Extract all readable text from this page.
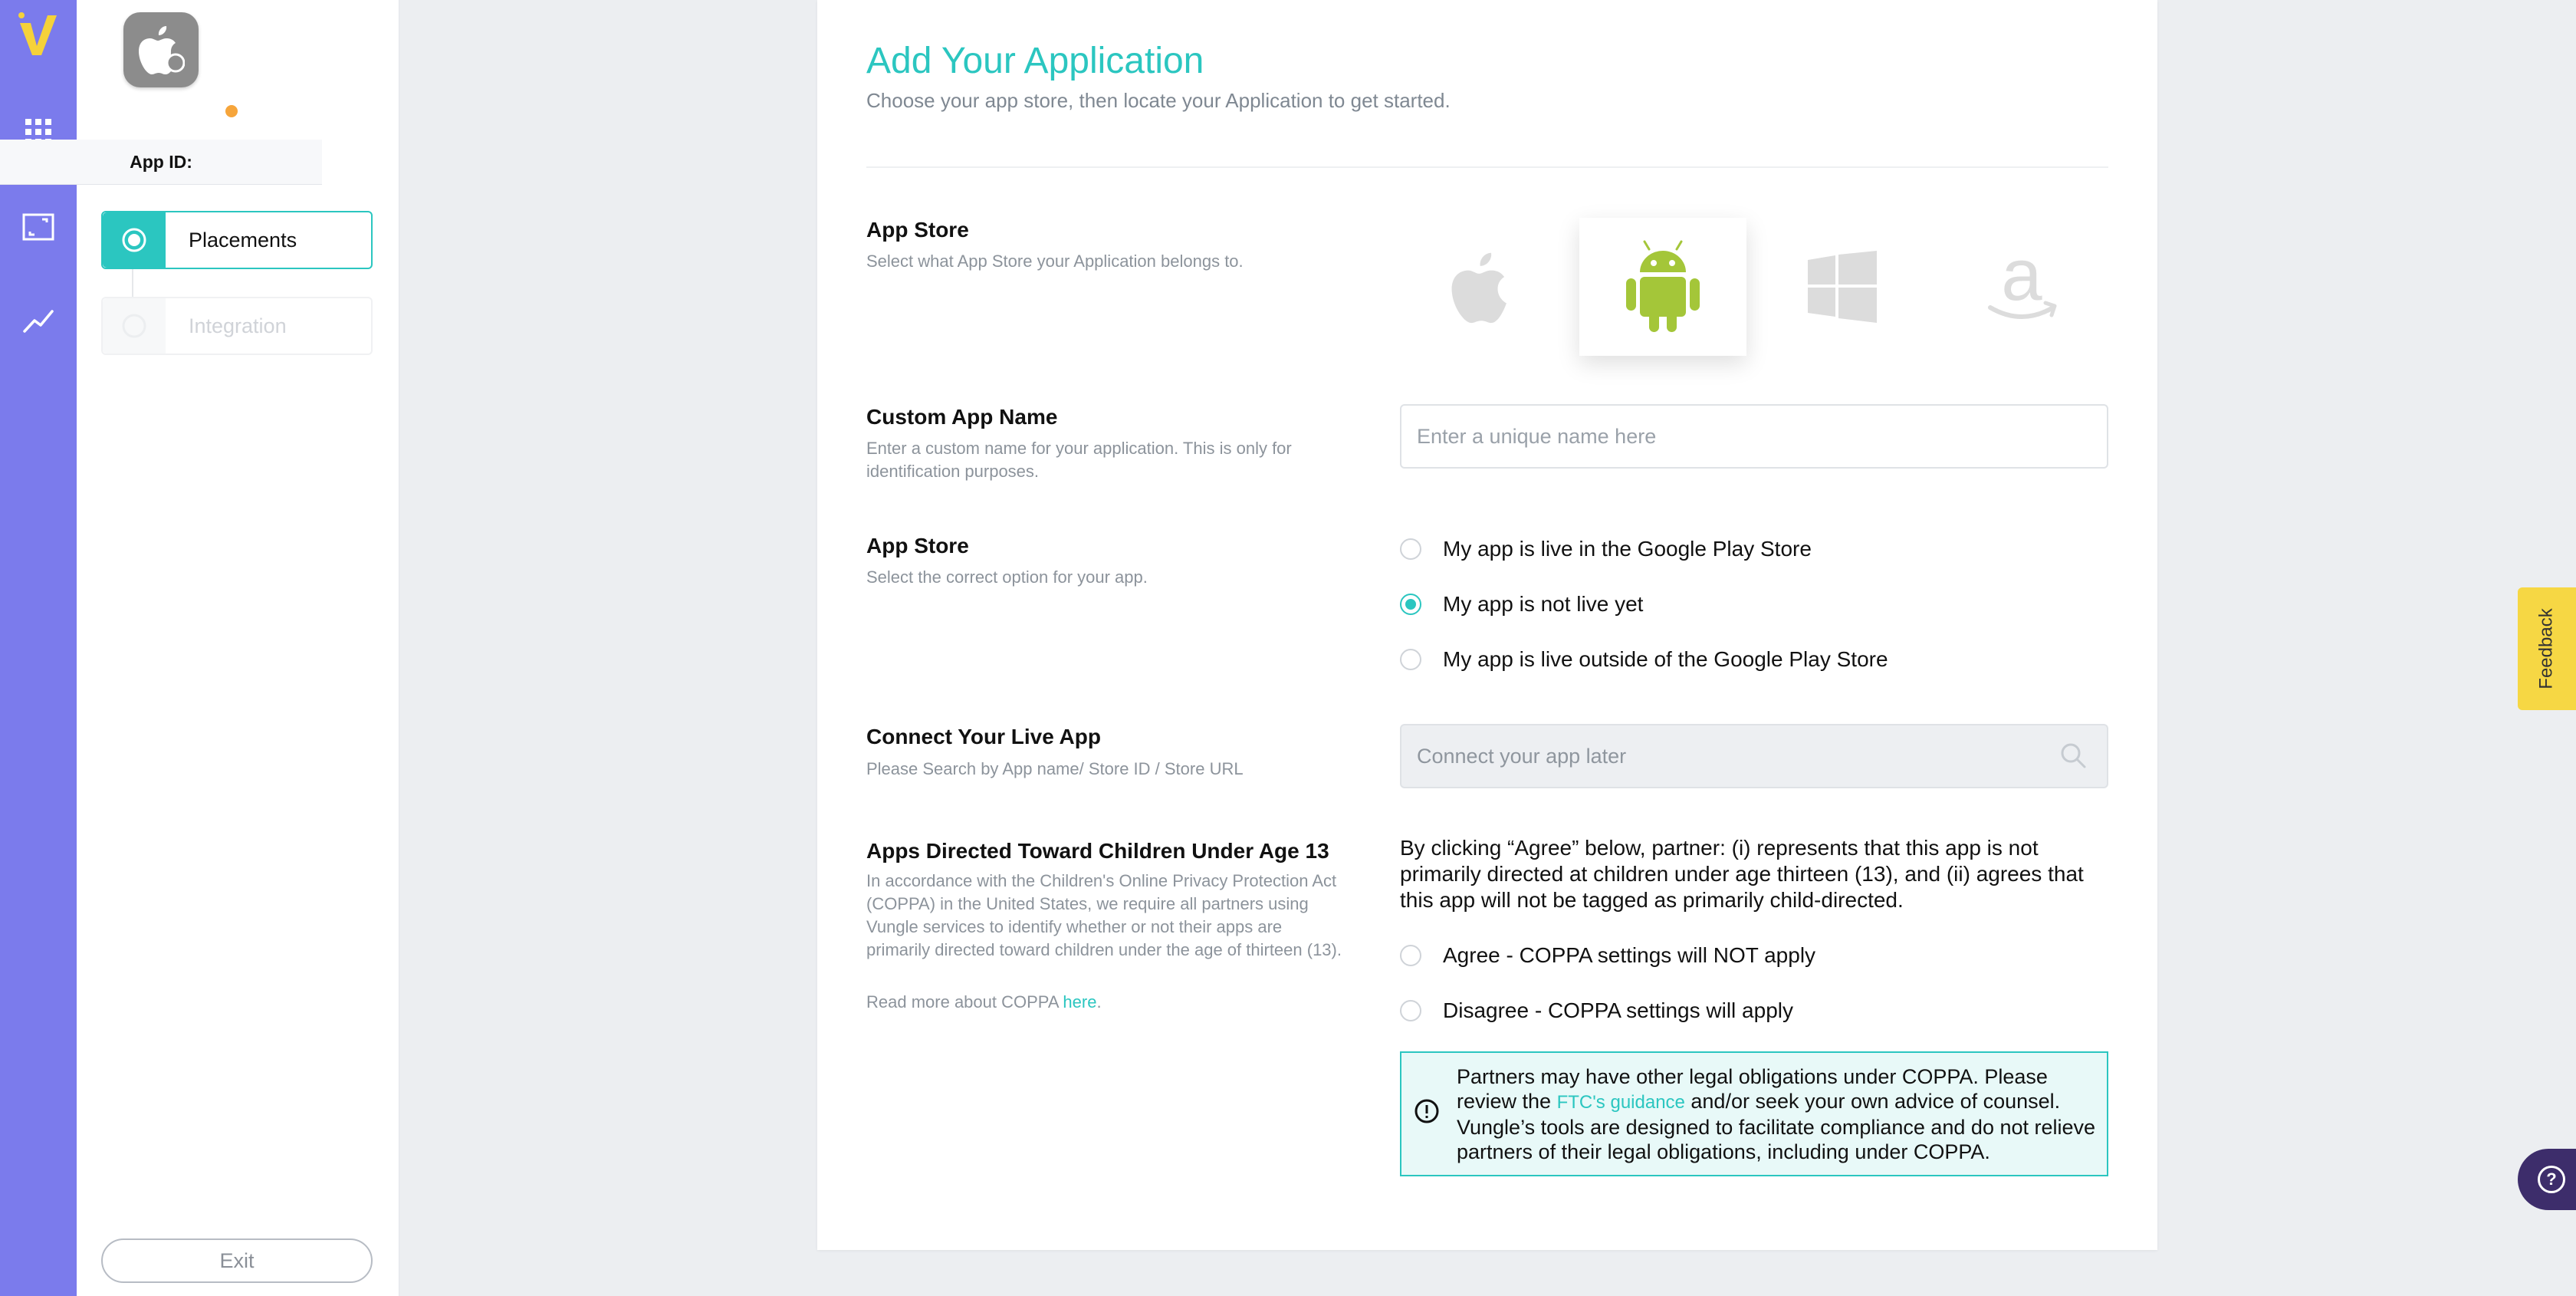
App ID:
Placements
Integration
Exit
Add Your Application
Choose your app store, then locate your Application to get started.
App Store
Select what App Store your Application belongs to.	a
Custom App Name
Enter a custom name for your application. This is only for identification purposes.
Enter a unique name here
App Store
Select the correct option for your app.
My app is live in the Google Play Store
My app is not live yet
My app is live outside of the Google Play Store
Connect Your Live App
Please Search by App name/ Store ID / Store URL
Connect your app later
Apps Directed Toward Children Under Age 13
In accordance with the Children's Online Privacy Protection Act (COPPA) in the United States, we require all partners using Vungle services to identify whether or not their apps are primarily directed toward children under the age of thirteen (13).
Read more about COPPA here.
By clicking “Agree” below, partner: (i) represents that this app is not primarily directed at children under age thirteen (13), and (ii) agrees that this app will not be tagged as primarily child-directed.
Agree - COPPA settings will NOT apply
Disagree - COPPA settings will apply
Partners may have other legal obligations under COPPA. Please review the FTC's guidance and/or seek your own advice of counsel. Vungle’s tools are designed to facilitate compliance and do not relieve partners of their legal obligations, including under COPPA.
Feedback
?
